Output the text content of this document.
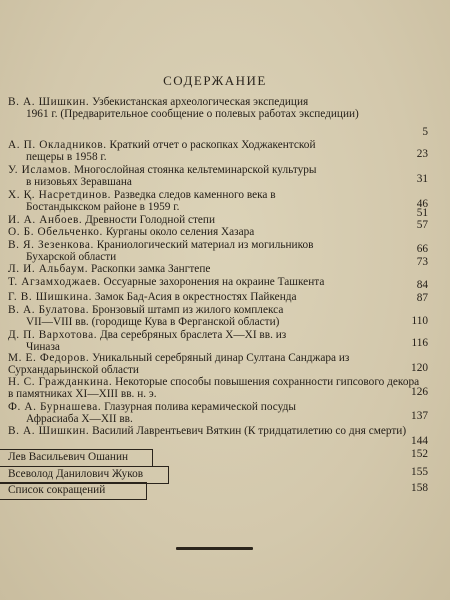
СОДЕРЖАНИЕ
В. А. Шишкин. Узбекистанская археологическая экспедиция
1961 г. (Предварительное сообщение о полевых работах экспедиции)
5
А. П. Окладников. Краткий отчет о раскопках Ходжакентской
пещеры в 1958 г.	23
У. Исламов. Многослойная стоянка кельтеминарской культуры
в низовьях Зеравшана	31
Х. Қ. Насретдинов. Разведка следов каменного века в
Бостандыкском районе в 1959 г.	46
И. А. Анбоев. Древности Голодной степи
51
О. Б. Обельченко. Курганы около селения Хазара
57
В. Я. Зезенкова. Краниологический материал из могильников
Бухарской области
66
Л. И. Альбаум. Раскопки замка Зангтепе
73
Т. Агзамходжаев. Оссуарные захоронения на окраине Ташкента	84
Г. В. Шишкина. Замок Бад-Асия в окрестностях Пайкенда	87
В. А. Булатова. Бронзовый штамп из жилого комплекса
VII—VIII вв. (городище Кува в Ферганской области)	110
Д. П. Вархотова. Два серебряных браслета Х—XI вв. из
Чиназа	116
М. Е. Федоров. Уникальный серебряный динар Султана Санджара из Сурхандарьинской области	120
Н. С. Гражданкина. Некоторые способы повышения сохранности гипсового декора в памятниках XI—XIII вв. н. э.	126
Ф. А. Бурнашева. Глазурная полива керамической посуды
Афрасиаба Х—XII вв.	137
В. А. Шишкин. Василий Лаврентьевич Вяткин (К тридцатилетию со дня смерти)
144
Лев Васильевич Ошанин	152
Всеволод Данилович Жуков	155
Список сокращений	158
